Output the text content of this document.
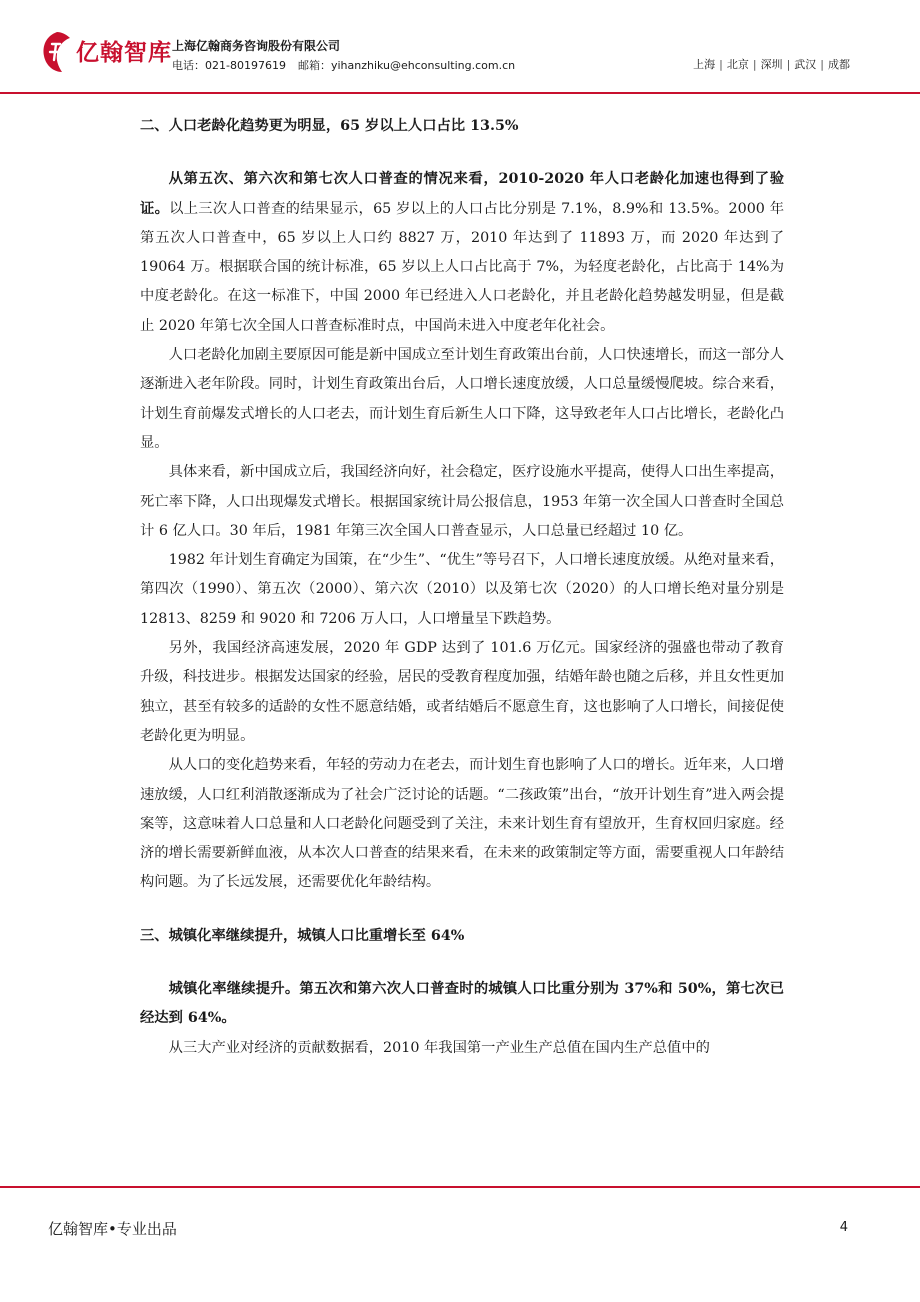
亿翰智库 上海亿翰商务咨询股份有限公司
电话：021-80197619 邮箱：yihanzhiku@ehconsulting.com.cn	上海 | 北京 | 深圳 | 武汉 | 成都

二、人口老龄化趋势更为明显，65 岁以上人口占比 13.5%

从第五次、第六次和第七次人口普查的情况来看，2010-2020 年人口老龄化加速也得到了验证。以上三次人口普查的结果显示，65 岁以上的人口占比分别是 7.1%，8.9%和 13.5%。2000 年第五次人口普查中，65 岁以上人口约 8827 万，2010 年达到了 11893 万，而 2020 年达到了 19064 万。根据联合国的统计标准，65 岁以上人口占比高于 7%，为轻度老龄化，占比高于 14%为中度老龄化。在这一标准下，中国 2000 年已经进入人口老龄化，并且老龄化趋势越发明显，但是截止 2020 年第七次全国人口普查标准时点，中国尚未进入中度老年化社会。

人口老龄化加剧主要原因可能是新中国成立至计划生育政策出台前，人口快速增长，而这一部分人逐渐进入老年阶段。同时，计划生育政策出台后，人口增长速度放缓，人口总量缓慢爬坡。综合来看，计划生育前爆发式增长的人口老去，而计划生育后新生人口下降，这导致老年人口占比增长，老龄化凸显。

具体来看，新中国成立后，我国经济向好，社会稳定，医疗设施水平提高，使得人口出生率提高，死亡率下降，人口出现爆发式增长。根据国家统计局公报信息，1953 年第一次全国人口普查时全国总计 6 亿人口。30 年后，1981 年第三次全国人口普查显示，人口总量已经超过 10 亿。

1982 年计划生育确定为国策，在“少生”、“优生”等号召下，人口增长速度放缓。从绝对量来看，第四次（1990）、第五次（2000）、第六次（2010）以及第七次（2020）的人口增长绝对量分别是 12813、8259 和 9020 和 7206 万人口，人口增量呈下跌趋势。

另外，我国经济高速发展，2020 年 GDP 达到了 101.6 万亿元。国家经济的强盛也带动了教育升级，科技进步。根据发达国家的经验，居民的受教育程度加强，结婚年龄也随之后移，并且女性更加独立，甚至有较多的适龄的女性不愿意结婚，或者结婚后不愿意生育，这也影响了人口增长，间接促使老龄化更为明显。

从人口的变化趋势来看，年轻的劳动力在老去，而计划生育也影响了人口的增长。近年来，人口增速放缓，人口红利消散逐渐成为了社会广泛讨论的话题。“二孩政策”出台，“放开计划生育”进入两会提案等，这意味着人口总量和人口老龄化问题受到了关注，未来计划生育有望放开，生育权回归家庭。经济的增长需要新鲜血液，从本次人口普查的结果来看，在未来的政策制定等方面，需要重视人口年龄结构问题。为了长远发展，还需要优化年龄结构。

三、城镇化率继续提升，城镇人口比重增长至 64%

城镇化率继续提升。第五次和第六次人口普查时的城镇人口比重分别为 37%和 50%，第七次已经达到 64%。

从三大产业对经济的贡献数据看，2010 年我国第一产业生产总值在国内生产总值中的

亿翰智库•专业出品	4
